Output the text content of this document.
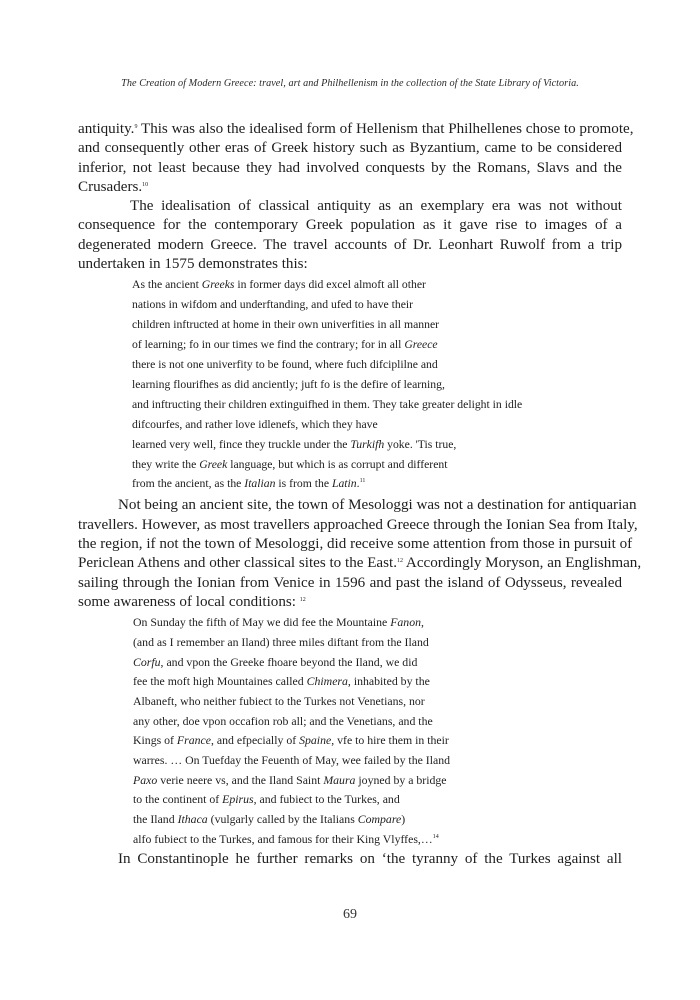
The Creation of Modern Greece: travel, art and Philhellenism in the collection of the State Library of Victoria.

antiquity.$^9$ This was also the idealised form of Hellenism that Philhellenes chose to promote,
and consequently other eras of Greek history such as Byzantium, came to be considered
inferior, not least because they had involved conquests by the Romans, Slavs and the
Crusaders.$^{10}$

The idealisation of classical antiquity as an exemplary era was not without
consequence for the contemporary Greek population as it gave rise to images of a
degenerated modern Greece. The travel accounts of Dr. Leonhart Ruwolf from a trip
undertaken in 1575 demonstrates this:

As the ancient Greeks in former days did excel almoft all other
nations in wifdom and underftanding, and ufed to have their
children inftructed at home in their own univerfities in all manner
of learning; fo in our times we find the contrary; for in all Greece
there is not one univerfity to be found, where fuch difciplilne and
learning flourifhes as did anciently; juft fo is the defire of learning,
and inftructing their children extinguifhed in them. They take greater delight in idle
difcourfes, and rather love idlenefs, which they have
learned very well, fince they truckle under the Turkifh yoke. 'Tis true,
they write the Greek language, but which is as corrupt and different
from the ancient, as the Italian is from the Latin.$^{11}$

Not being an ancient site, the town of Mesologgi was not a destination for antiquarian
travellers. However, as most travellers approached Greece through the Ionian Sea from Italy,
the region, if not the town of Mesologgi, did receive some attention from those in pursuit of
Periclean Athens and other classical sites to the East.$^{12}$ Accordingly Moryson, an Englishman,
sailing through the Ionian from Venice in 1596 and past the island of Odysseus, revealed
some awareness of local conditions: $^{12}$

On Sunday the fifth of May we did fee the Mountaine Fanon,
(and as I remember an Iland) three miles diftant from the Iland
Corfu, and vpon the Greeke fhoare beyond the Iland, we did
fee the moft high Mountaines called Chimera, inhabited by the
Albaneft, who neither fubiect to the Turkes not Venetians, nor
any other, doe vpon occafion rob all; and the Venetians, and the
Kings of France, and efpecially of Spaine, vfe to hire them in their
warres. … On Tuefday the Feuenth of May, wee failed by the Iland
Paxo verie neere vs, and the Iland Saint Maura joyned by a bridge
to the continent of Epirus, and fubiect to the Turkes, and
the Iland Ithaca (vulgarly called by the Italians Compare)
alfo fubiect to the Turkes, and famous for their King Vlyffes,…$^{14}$

In Constantinople he further remarks on ‘the tyranny of the Turkes against all

69
